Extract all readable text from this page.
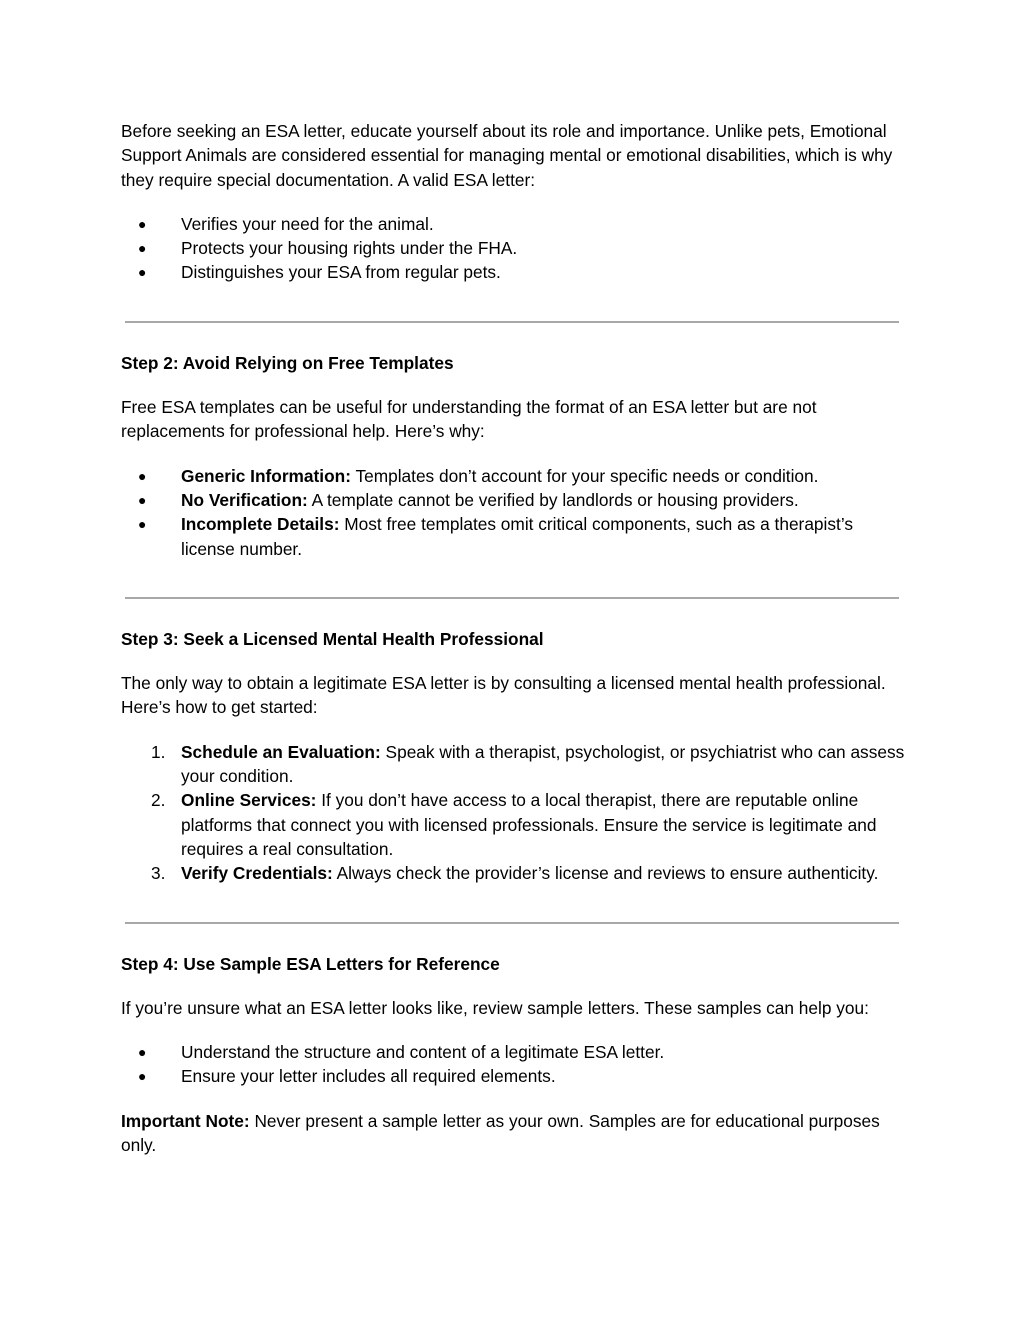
Before seeking an ESA letter, educate yourself about its role and importance. Unlike pets, Emotional Support Animals are considered essential for managing mental or emotional disabilities, which is why they require special documentation. A valid ESA letter:

● Verifies your need for the animal.
● Protects your housing rights under the FHA.
● Distinguishes your ESA from regular pets.

Step 2: Avoid Relying on Free Templates

Free ESA templates can be useful for understanding the format of an ESA letter but are not replacements for professional help. Here’s why:

● Generic Information: Templates don’t account for your specific needs or condition.
● No Verification: A template cannot be verified by landlords or housing providers.
● Incomplete Details: Most free templates omit critical components, such as a therapist’s license number.

Step 3: Seek a Licensed Mental Health Professional

The only way to obtain a legitimate ESA letter is by consulting a licensed mental health professional. Here’s how to get started:

1. Schedule an Evaluation: Speak with a therapist, psychologist, or psychiatrist who can assess your condition.
2. Online Services: If you don’t have access to a local therapist, there are reputable online platforms that connect you with licensed professionals. Ensure the service is legitimate and requires a real consultation.
3. Verify Credentials: Always check the provider’s license and reviews to ensure authenticity.

Step 4: Use Sample ESA Letters for Reference

If you’re unsure what an ESA letter looks like, review sample letters. These samples can help you:

● Understand the structure and content of a legitimate ESA letter.
● Ensure your letter includes all required elements.

Important Note: Never present a sample letter as your own. Samples are for educational purposes only.
